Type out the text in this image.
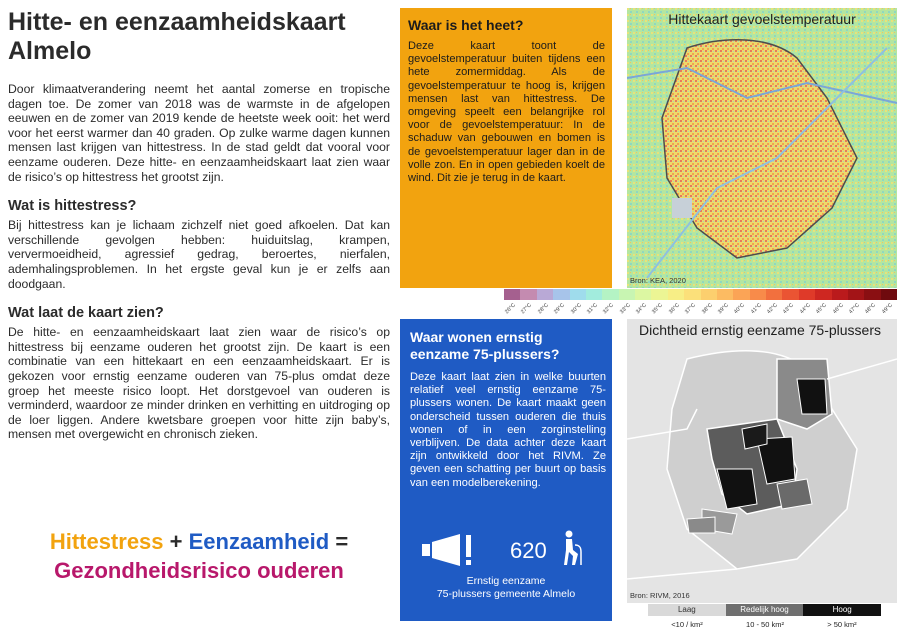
Hitte- en eenzaamheidskaart
Almelo

Door klimaatverandering neemt het aantal zomerse en tropische dagen toe. De zomer van 2018 was de warmste in de afgelopen eeuwen en de zomer van 2019 kende de heetste week ooit: het werd voor het eerst warmer dan 40 graden. Op zulke warme dagen kunnen mensen last krijgen van hittestress. In de stad geldt dat vooral voor eenzame ouderen. Deze hitte- en eenzaamheidskaart laat zien waar de risico’s op hittestress het grootst zijn.

Wat is hittestress?

Bij hittestress kan je lichaam zichzelf niet goed afkoelen. Dat kan verschillende gevolgen hebben: huiduitslag, krampen, ververmoeidheid, agressief gedrag, beroertes, nierfalen, ademhalingsproblemen. In het ergste geval kun je er zelfs aan doodgaan.

Wat laat de kaart zien?

De hitte- en eenzaamheidskaart laat zien waar de risico’s op hittestress bij eenzame ouderen het grootst zijn. De kaart is een combinatie van een hittekaart en een eenzaamheidskaart. Er is gekozen voor ernstig eenzame ouderen van 75-plus omdat deze groep het meeste risico loopt. Het dorstgevoel van ouderen is verminderd, waardoor ze minder drinken en verhitting en uitdroging op de loer liggen. Andere kwetsbare groepen voor hitte zijn baby’s, mensen met overgewicht en chronisch zieken.

Hittestress + Eenzaamheid =
Gezondheidsrisico ouderen
Waar is het heet?
Deze kaart toont de gevoelstemperatuur buiten tijdens een hete zomermiddag. Als de gevoelstemperatuur te hoog is, krijgen mensen last van hittestress. De omgeving speelt een belangrijke rol voor de gevoelstemperatuur: In de schaduw van gebouwen en bomen is de gevoelstemperatuur lager dan in de volle zon. En in open gebieden koelt de wind. Dit zie je terug in de kaart.
Hittekaart gevoelstemperatuur
Bron: KEA, 2020
26°C 27°C 28°C 29°C 30°C 31°C 32°C 33°C 34°C 35°C 36°C 37°C 38°C 39°C 40°C 41°C 42°C 43°C 44°C 45°C 46°C 47°C 48°C 49°C
Waar wonen ernstig eenzame 75-plussers?
Deze kaart laat zien in welke buurten relatief veel ernstig eenzame 75-plussers wonen. De kaart maakt geen onderscheid tussen ouderen die thuis wonen of in een zorginstelling verblijven. De data achter deze kaart zijn ontwikkeld door het RIVM. Ze geven een schatting per buurt op basis van een modelberekening.
620
Ernstig eenzame
75-plussers gemeente Almelo
Dichtheid ernstig eenzame 75-plussers
Bron: RIVM, 2016
Laag	Redelijk hoog	Hoog
<10 / km²	10 - 50 km²	> 50 km²
